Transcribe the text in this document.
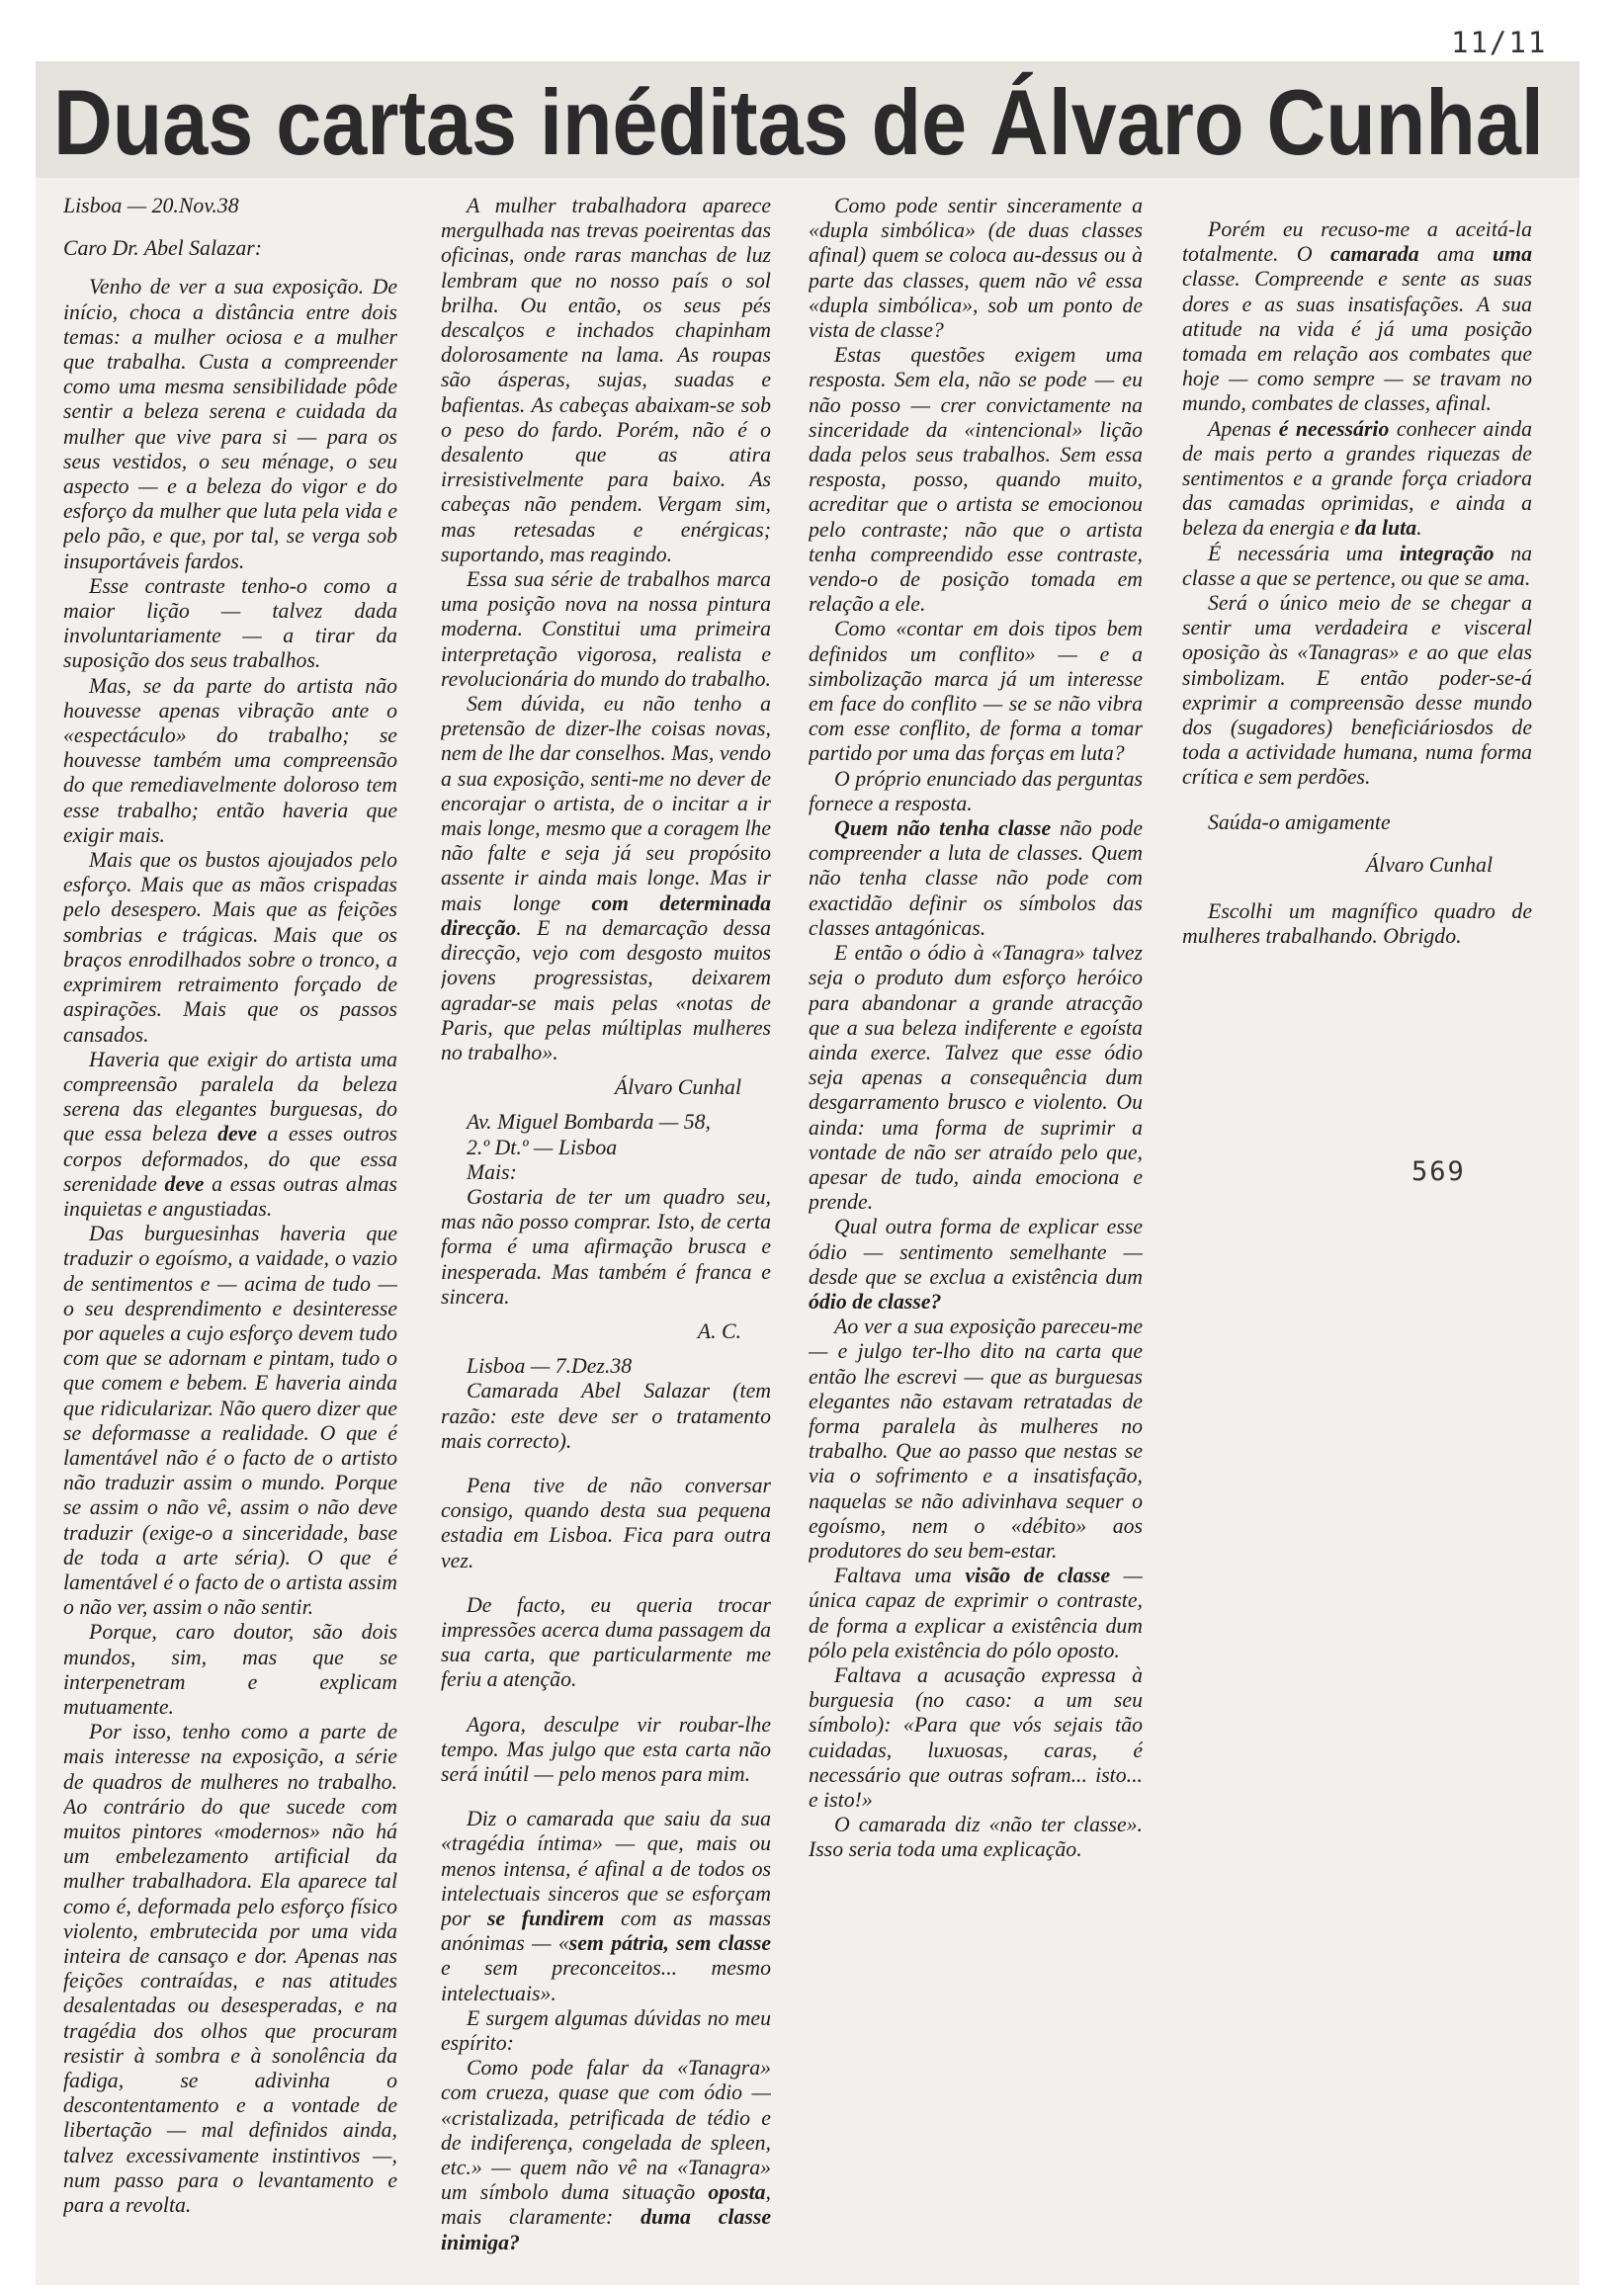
11/11
Duas cartas inéditas de Álvaro Cunhal

Lisboa — 20.Nov.38

Caro Dr. Abel Salazar:

Venho de ver a sua exposição. De início, choca a distância entre dois temas: a mulher ociosa e a mulher que trabalha. Custa a compreender como uma mesma sensibilidade pôde sentir a beleza serena e cuidada da mulher que vive para si — para os seus vestidos, o seu ménage, o seu aspecto — e a beleza do vigor e do esforço da mulher que luta pela vida e pelo pão, e que, por tal, se verga sob insuportáveis fardos.

Esse contraste tenho-o como a maior lição — talvez dada involuntariamente — a tirar da suposição dos seus trabalhos.

Mas, se da parte do artista não houvesse apenas vibração ante o «espectáculo» do trabalho; se houvesse também uma compreensão do que remediavelmente doloroso tem esse trabalho; então haveria que exigir mais.

Mais que os bustos ajoujados pelo esforço. Mais que as mãos crispadas pelo desespero. Mais que as feições sombrias e trágicas. Mais que os braços enrodilhados sobre o tronco, a exprimirem retraimento forçado de aspirações. Mais que os passos cansados.

Haveria que exigir do artista uma compreensão paralela da beleza serena das elegantes burguesas, do que essa beleza deve a esses outros corpos deformados, do que essa serenidade deve a essas outras almas inquietas e angustiadas.

Das burguesinhas haveria que traduzir o egoísmo, a vaidade, o vazio de sentimentos e — acima de tudo — o seu desprendimento e desinteresse por aqueles a cujo esforço devem tudo com que se adornam e pintam, tudo o que comem e bebem. E haveria ainda que ridicularizar. Não quero dizer que se deformasse a realidade. O que é lamentável não é o facto de o artisto não traduzir assim o mundo. Porque se assim o não vê, assim o não deve traduzir (exige-o a sinceridade, base de toda a arte séria). O que é lamentável é o facto de o artista assim o não ver, assim o não sentir.

Porque, caro doutor, são dois mundos, sim, mas que se interpenetram e explicam mutuamente.

Por isso, tenho como a parte de mais interesse na exposição, a série de quadros de mulheres no trabalho. Ao contrário do que sucede com muitos pintores «modernos» não há um embelezamento artificial da mulher trabalhadora. Ela aparece tal como é, deformada pelo esforço físico violento, embrutecida por uma vida inteira de cansaço e dor. Apenas nas feições contraídas, e nas atitudes desalentadas ou desesperadas, e na tragédia dos olhos que procuram resistir à sombra e à sonolência da fadiga, se adivinha o descontentamento e a vontade de libertação — mal definidos ainda, talvez excessivamente instintivos —, num passo para o levantamento e para a revolta.

A mulher trabalhadora aparece mergulhada nas trevas poeirentas das oficinas, onde raras manchas de luz lembram que no nosso país o sol brilha. Ou então, os seus pés descalços e inchados chapinham dolorosamente na lama. As roupas são ásperas, sujas, suadas e bafientas. As cabeças abaixam-se sob o peso do fardo. Porém, não é o desalento que as atira irresistivelmente para baixo. As cabeças não pendem. Vergam sim, mas retesadas e enérgicas; suportando, mas reagindo.

Essa sua série de trabalhos marca uma posição nova na nossa pintura moderna. Constitui uma primeira interpretação vigorosa, realista e revolucionária do mundo do trabalho.

Sem dúvida, eu não tenho a pretensão de dizer-lhe coisas novas, nem de lhe dar conselhos. Mas, vendo a sua exposição, senti-me no dever de encorajar o artista, de o incitar a ir mais longe, mesmo que a coragem lhe não falte e seja já seu propósito assente ir ainda mais longe. Mas ir mais longe com determinada direcção. E na demarcação dessa direcção, vejo com desgosto muitos jovens progressistas, deixarem agradar-se mais pelas «notas de Paris, que pelas múltiplas mulheres no trabalho».

Álvaro Cunhal

Av. Miguel Bombarda — 58,

2.º Dt.º — Lisboa

Mais:

Gostaria de ter um quadro seu, mas não posso comprar. Isto, de certa forma é uma afirmação brusca e inesperada. Mas também é franca e sincera.

A. C.

Lisboa — 7.Dez.38

Camarada Abel Salazar (tem razão: este deve ser o tratamento mais correcto).

Pena tive de não conversar consigo, quando desta sua pequena estadia em Lisboa. Fica para outra vez.

De facto, eu queria trocar impressões acerca duma passagem da sua carta, que particularmente me feriu a atenção.

Agora, desculpe vir roubar-lhe tempo. Mas julgo que esta carta não será inútil — pelo menos para mim.

Diz o camarada que saiu da sua «tragédia íntima» — que, mais ou menos intensa, é afinal a de todos os intelectuais sinceros que se esforçam por se fundirem com as massas anónimas — «sem pátria, sem classe e sem preconceitos... mesmo intelectuais».

E surgem algumas dúvidas no meu espírito:

Como pode falar da «Tanagra» com crueza, quase que com ódio — «cristalizada, petrificada de tédio e de indiferença, congelada de spleen, etc.» — quem não vê na «Tanagra» um símbolo duma situação oposta, mais claramente: duma classe inimiga?

Como pode sentir sinceramente a «dupla simbólica» (de duas classes afinal) quem se coloca au-dessus ou à parte das classes, quem não vê essa «dupla simbólica», sob um ponto de vista de classe?

Estas questões exigem uma resposta. Sem ela, não se pode — eu não posso — crer convictamente na sinceridade da «intencional» lição dada pelos seus trabalhos. Sem essa resposta, posso, quando muito, acreditar que o artista se emocionou pelo contraste; não que o artista tenha compreendido esse contraste, vendo-o de posição tomada em relação a ele.

Como «contar em dois tipos bem definidos um conflito» — e a simbolização marca já um interesse em face do conflito — se se não vibra com esse conflito, de forma a tomar partido por uma das forças em luta?

O próprio enunciado das perguntas fornece a resposta.

Quem não tenha classe não pode compreender a luta de classes. Quem não tenha classe não pode com exactidão definir os símbolos das classes antagónicas.

E então o ódio à «Tanagra» talvez seja o produto dum esforço heróico para abandonar a grande atracção que a sua beleza indiferente e egoísta ainda exerce. Talvez que esse ódio seja apenas a consequência dum desgarramento brusco e violento. Ou ainda: uma forma de suprimir a vontade de não ser atraído pelo que, apesar de tudo, ainda emociona e prende.

Qual outra forma de explicar esse ódio — sentimento semelhante — desde que se exclua a existência dum ódio de classe?

Ao ver a sua exposição pareceu-me — e julgo ter-lho dito na carta que então lhe escrevi — que as burguesas elegantes não estavam retratadas de forma paralela às mulheres no trabalho. Que ao passo que nestas se via o sofrimento e a insatisfação, naquelas se não adivinhava sequer o egoísmo, nem o «débito» aos produtores do seu bem-estar.

Faltava uma visão de classe — única capaz de exprimir o contraste, de forma a explicar a existência dum pólo pela existência do pólo oposto.

Faltava a acusação expressa à burguesia (no caso: a um seu símbolo): «Para que vós sejais tão cuidadas, luxuosas, caras, é necessário que outras sofram... isto... e isto!»

O camarada diz «não ter classe». Isso seria toda uma explicação.

Porém eu recuso-me a aceitá-la totalmente. O camarada ama uma classe. Compreende e sente as suas dores e as suas insatisfações. A sua atitude na vida é já uma posição tomada em relação aos combates que hoje — como sempre — se travam no mundo, combates de classes, afinal.

Apenas é necessário conhecer ainda de mais perto a grandes riquezas de sentimentos e a grande força criadora das camadas oprimidas, e ainda a beleza da energia e da luta.

É necessária uma integração na classe a que se pertence, ou que se ama.

Será o único meio de se chegar a sentir uma verdadeira e visceral oposição às «Tanagras» e ao que elas simbolizam. E então poder-se-á exprimir a compreensão desse mundo dos (sugadores) beneficiáriosdos de toda a actividade humana, numa forma crítica e sem perdões.

Saúda-o amigamente

Álvaro Cunhal

Escolhi um magnífico quadro de mulheres trabalhando. Obrigdo.

569
